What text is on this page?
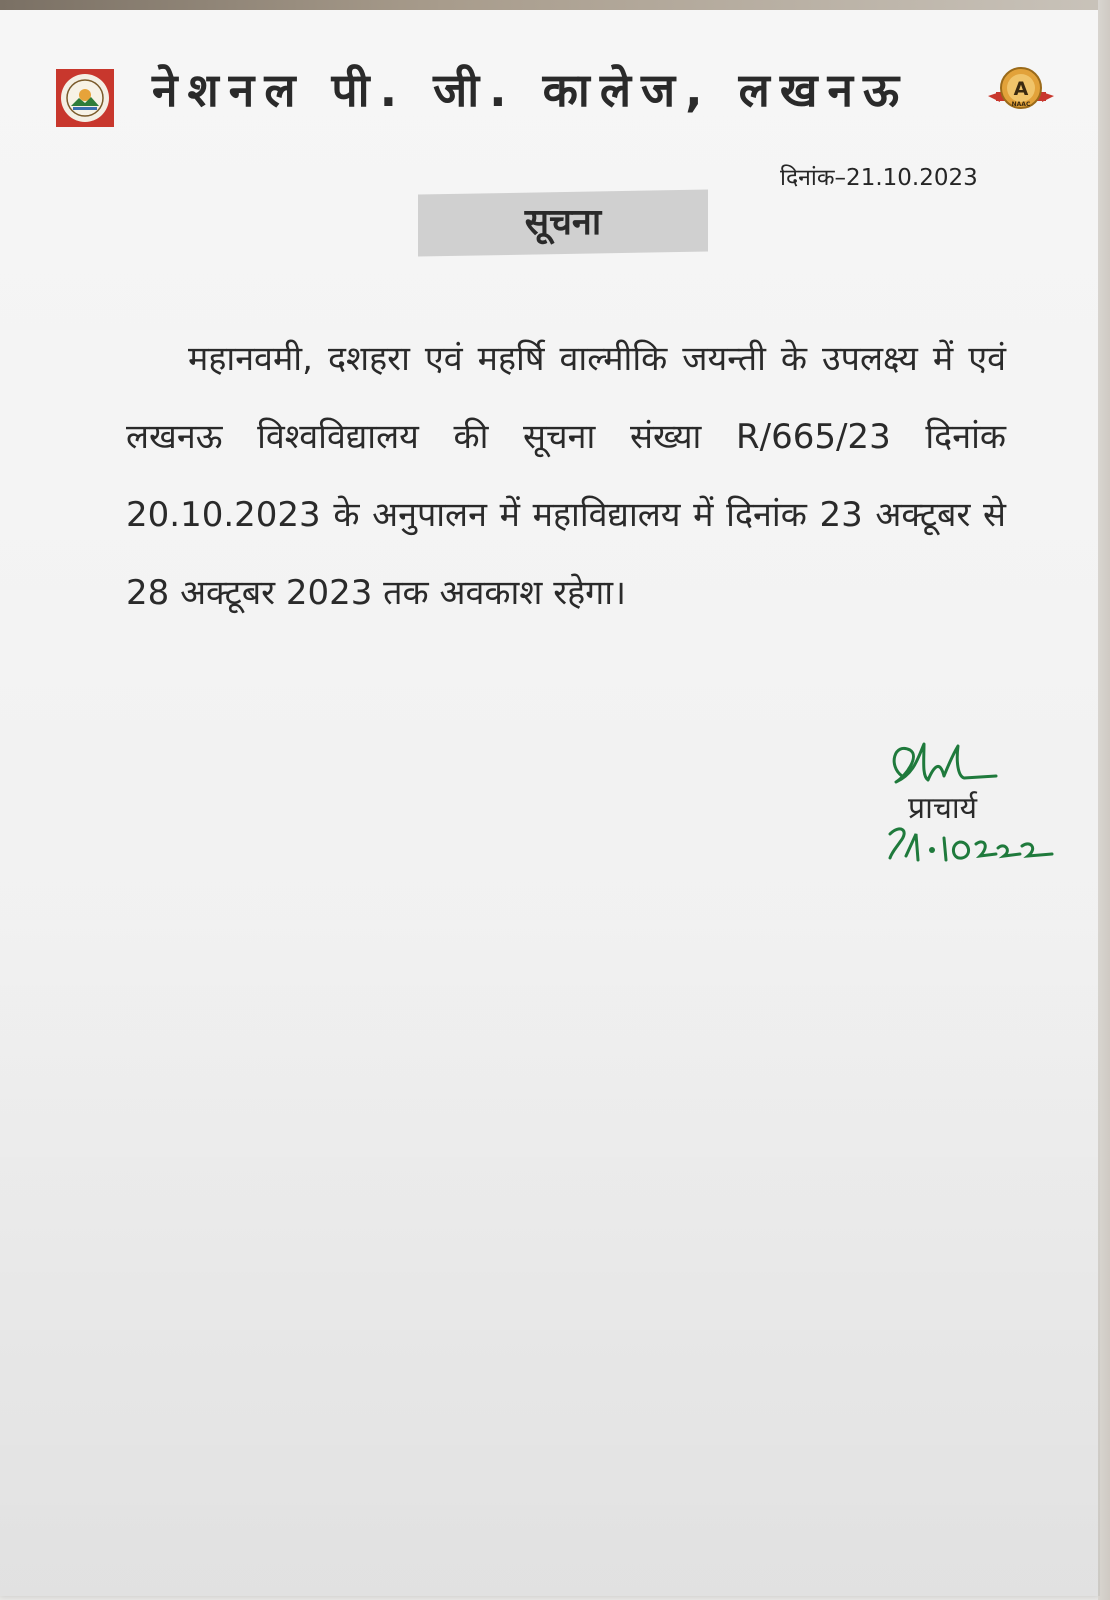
नेशनल पी. जी. कालेज, लखनऊ	A
NAAC
दिनांक–21.10.2023
सूचना

महानवमी, दशहरा एवं महर्षि वाल्मीकि जयन्ती के उपलक्ष्य में एवं लखनऊ विश्वविद्यालय की सूचना संख्या R/665/23 दिनांक 20.10.2023 के अनुपालन में महाविद्यालय में दिनांक 23 अक्टूबर से 28 अक्टूबर 2023 तक अवकाश रहेगा।

प्राचार्य
